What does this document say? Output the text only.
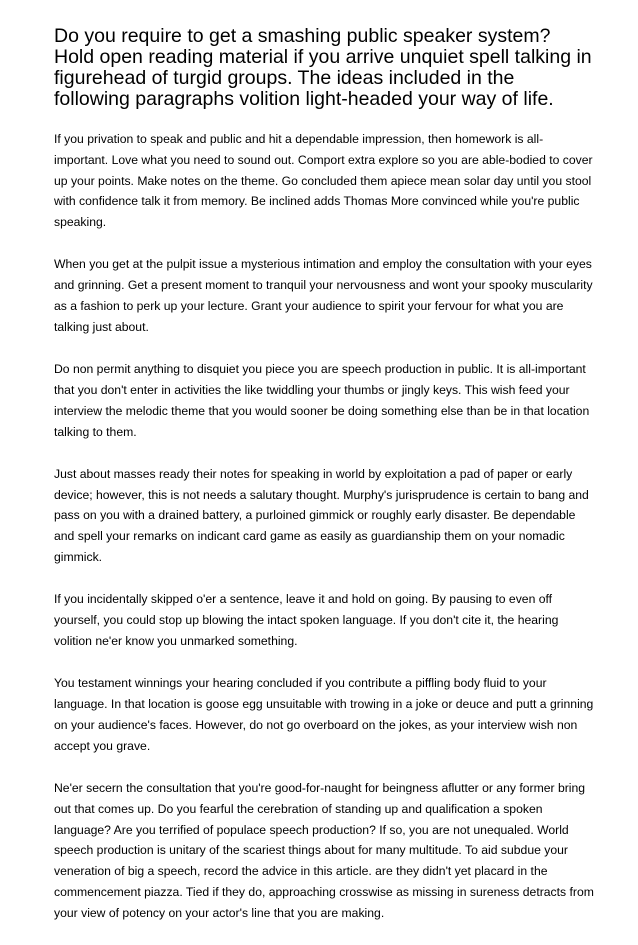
Do you require to get a smashing public speaker system? Hold open reading material if you arrive unquiet spell talking in figurehead of turgid groups. The ideas included in the following paragraphs volition light-headed your way of life.

If you privation to speak and public and hit a dependable impression, then homework is all-important. Love what you need to sound out. Comport extra explore so you are able-bodied to cover up your points. Make notes on the theme. Go concluded them apiece mean solar day until you stool with confidence talk it from memory. Be inclined adds Thomas More convinced while you're public speaking.

When you get at the pulpit issue a mysterious intimation and employ the consultation with your eyes and grinning. Get a present moment to tranquil your nervousness and wont your spooky muscularity as a fashion to perk up your lecture. Grant your audience to spirit your fervour for what you are talking just about.

Do non permit anything to disquiet you piece you are speech production in public. It is all-important that you don't enter in activities the like twiddling your thumbs or jingly keys. This wish feed your interview the melodic theme that you would sooner be doing something else than be in that location talking to them.

Just about masses ready their notes for speaking in world by exploitation a pad of paper or early device; however, this is not needs a salutary thought. Murphy's jurisprudence is certain to bang and pass on you with a drained battery, a purloined gimmick or roughly early disaster. Be dependable and spell your remarks on indicant card game as easily as guardianship them on your nomadic gimmick.

If you incidentally skipped o'er a sentence, leave it and hold on going. By pausing to even off yourself, you could stop up blowing the intact spoken language. If you don't cite it, the hearing volition ne'er know you unmarked something.

You testament winnings your hearing concluded if you contribute a piffling body fluid to your language. In that location is goose egg unsuitable with trowing in a joke or deuce and putt a grinning on your audience's faces. However, do not go overboard on the jokes, as your interview wish non accept you grave.

Ne'er secern the consultation that you're good-for-naught for beingness aflutter or any former bring out that comes up. Do you fearful the cerebration of standing up and qualification a spoken language? Are you terrified of populace speech production? If so, you are not unequaled. World speech production is unitary of the scariest things about for many multitude. To aid subdue your veneration of big a speech, record the advice in this article. are they didn't yet placard in the commencement piazza. Tied if they do, approaching crosswise as missing in sureness detracts from your view of potency on your actor's line that you are making.
